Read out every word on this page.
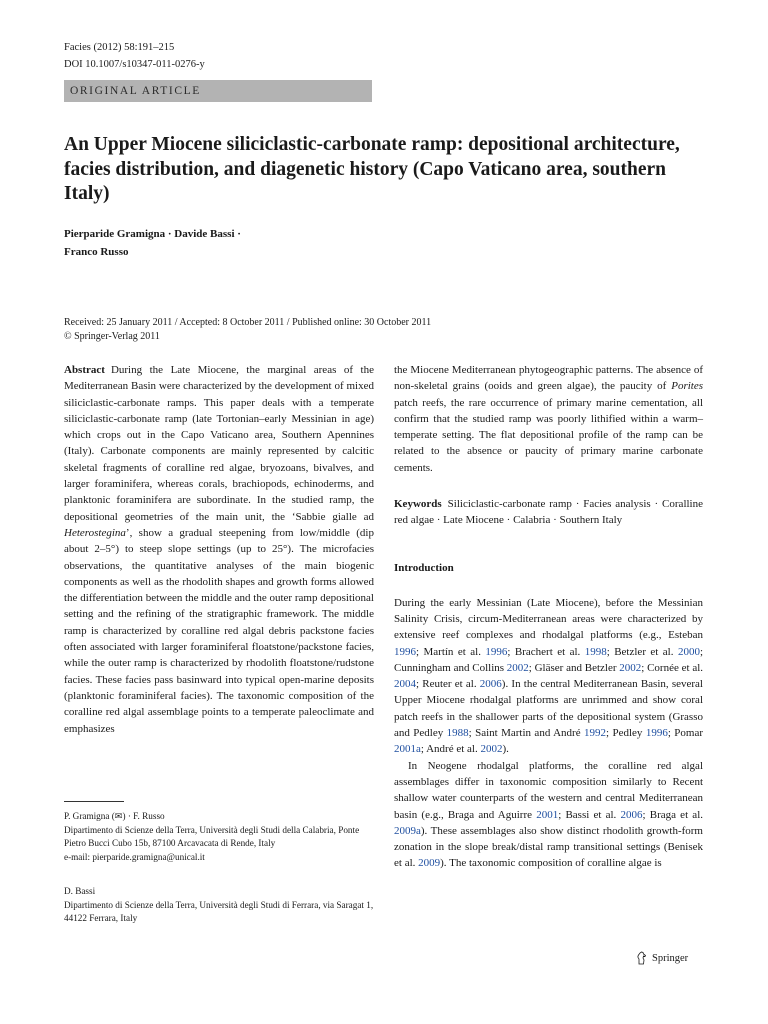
Facies (2012) 58:191–215
DOI 10.1007/s10347-011-0276-y
ORIGINAL ARTICLE
An Upper Miocene siliciclastic-carbonate ramp: depositional architecture, facies distribution, and diagenetic history (Capo Vaticano area, southern Italy)
Pierparide Gramigna · Davide Bassi ·
Franco Russo
Received: 25 January 2011 / Accepted: 8 October 2011 / Published online: 30 October 2011
© Springer-Verlag 2011

Abstract During the Late Miocene, the marginal areas of the Mediterranean Basin were characterized by the development of mixed siliciclastic-carbonate ramps. This paper deals with a temperate siliciclastic-carbonate ramp (late Tortonian–early Messinian in age) which crops out in the Capo Vaticano area, Southern Apennines (Italy). Carbonate components are mainly represented by calcitic skeletal fragments of coralline red algae, bryozoans, bivalves, and larger foraminifera, whereas corals, brachiopods, echinoderms, and planktonic foraminifera are subordinate. In the studied ramp, the depositional geometries of the main unit, the ‘Sabbie gialle ad Heterostegina’, show a gradual steepening from low/middle (dip about 2–5°) to steep slope settings (up to 25°). The microfacies observations, the quantitative analyses of the main biogenic components as well as the rhodolith shapes and growth forms allowed the differentiation between the middle and the outer ramp depositional setting and the refining of the stratigraphic framework. The middle ramp is characterized by coralline red algal debris packstone facies often associated with larger foraminiferal floatstone/packstone facies, while the outer ramp is characterized by rhodolith floatstone/rudstone facies. These facies pass basinward into typical open-marine deposits (planktonic foraminiferal facies). The taxonomic composition of the coralline red algal assemblage points to a temperate paleoclimate and emphasizes

P. Gramigna (✉) · F. Russo

Dipartimento di Scienze della Terra, Università degli Studi della Calabria, Ponte Pietro Bucci Cubo 15b, 87100 Arcavacata di Rende, Italy

e-mail: pierparide.gramigna@unical.it

D. Bassi

Dipartimento di Scienze della Terra, Università degli Studi di Ferrara, via Saragat 1, 44122 Ferrara, Italy

the Miocene Mediterranean phytogeographic patterns. The absence of non-skeletal grains (ooids and green algae), the paucity of Porites patch reefs, the rare occurrence of primary marine cementation, all confirm that the studied ramp was poorly lithified within a warm–temperate setting. The flat depositional profile of the ramp can be related to the absence or paucity of primary marine carbonate cements.

Keywords Siliciclastic-carbonate ramp · Facies analysis · Coralline red algae · Late Miocene · Calabria · Southern Italy

Introduction

During the early Messinian (Late Miocene), before the Messinian Salinity Crisis, circum-Mediterranean areas were characterized by extensive reef complexes and rhodalgal platforms (e.g., Esteban 1996; Martín et al. 1996; Brachert et al. 1998; Betzler et al. 2000; Cunningham and Collins 2002; Gläser and Betzler 2002; Cornée et al. 2004; Reuter et al. 2006). In the central Mediterranean Basin, several Upper Miocene rhodalgal platforms are unrimmed and show coral patch reefs in the shallower parts of the depositional system (Grasso and Pedley 1988; Saint Martin and André 1992; Pedley 1996; Pomar 2001a; André et al. 2002).

In Neogene rhodalgal platforms, the coralline red algal assemblages differ in taxonomic composition similarly to Recent shallow water counterparts of the western and central Mediterranean basin (e.g., Braga and Aguirre 2001; Bassi et al. 2006; Braga et al. 2009a). These assemblages also show distinct rhodolith growth-form zonation in the slope break/distal ramp transitional settings (Benisek et al. 2009). The taxonomic composition of coralline algae is

Springer
